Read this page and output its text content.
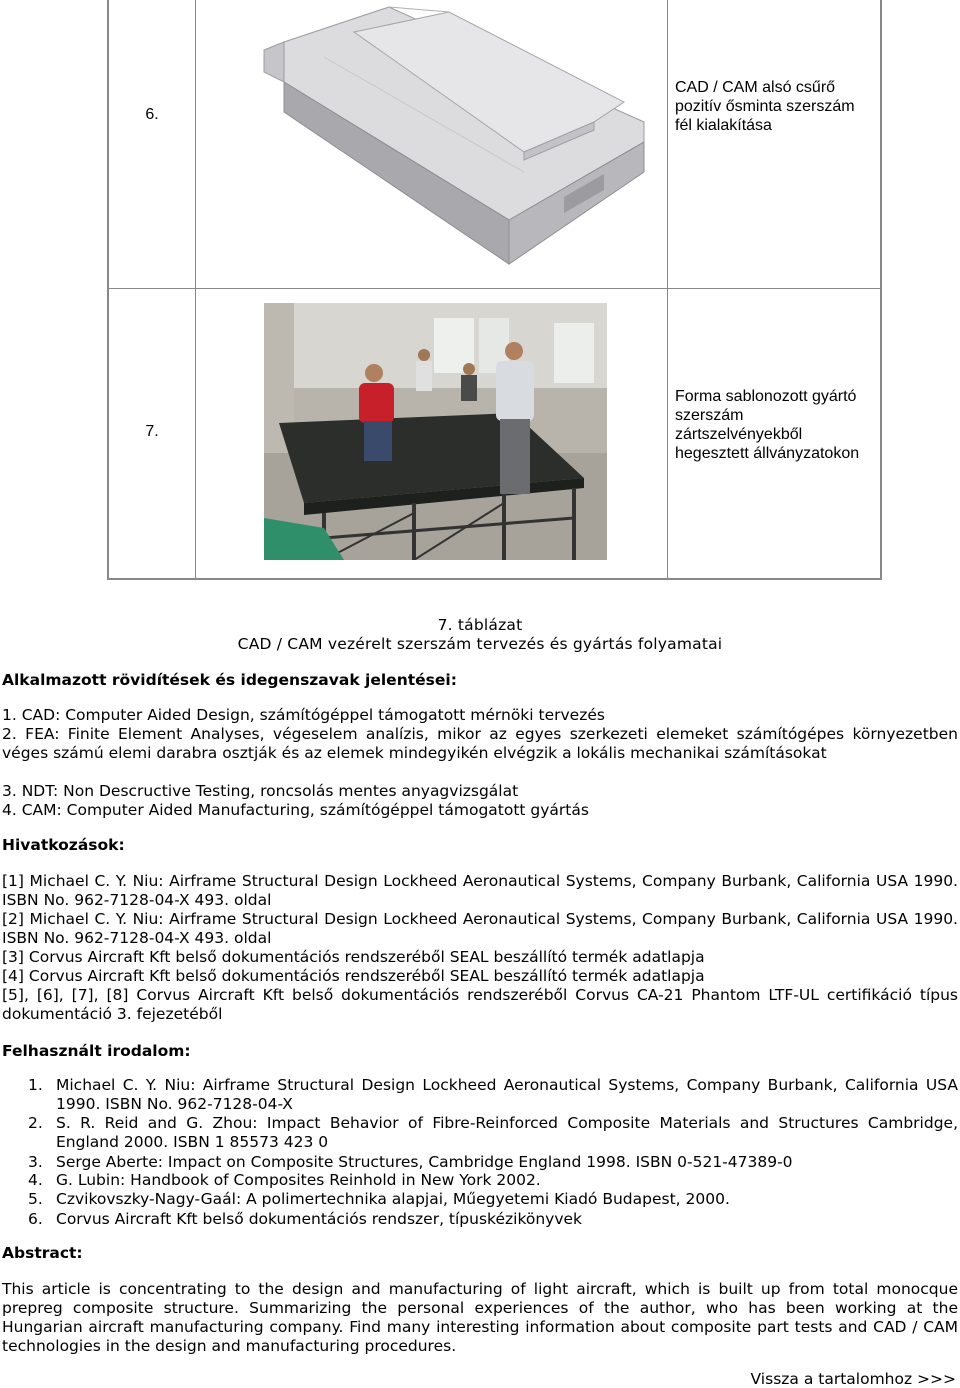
6.
CAD / CAM alsó csűrő pozitív ősminta szerszám fél kialakítása
7.
Forma sablonozott gyártó szerszám zártszelvényekből hegesztett állványzatokon
7. táblázat
CAD / CAM vezérelt szerszám tervezés és gyártás folyamatai
Alkalmazott rövidítések és idegenszavak jelentései:
1. CAD: Computer Aided Design, számítógéppel támogatott mérnöki tervezés
2. FEA: Finite Element Analyses, végeselem analízis, mikor az egyes szerkezeti elemeket számítógépes környezetben véges számú elemi darabra osztják és az elemek mindegyikén elvégzik a lokális mechanikai számításokat
3. NDT: Non Descructive Testing, roncsolás mentes anyagvizsgálat
4. CAM: Computer Aided Manufacturing, számítógéppel támogatott gyártás
Hivatkozások:
[1] Michael C. Y. Niu: Airframe Structural Design Lockheed Aeronautical Systems, Company Burbank, California USA 1990. ISBN No. 962-7128-04-X 493. oldal
[2] Michael C. Y. Niu: Airframe Structural Design Lockheed Aeronautical Systems, Company Burbank, California USA 1990. ISBN No. 962-7128-04-X 493. oldal
[3] Corvus Aircraft Kft belső dokumentációs rendszeréből SEAL beszállító termék adatlapja
[4] Corvus Aircraft Kft belső dokumentációs rendszeréből SEAL beszállító termék adatlapja
[5], [6], [7], [8] Corvus Aircraft Kft belső dokumentációs rendszeréből Corvus CA-21 Phantom LTF-UL certifikáció típus dokumentáció 3. fejezetéből
Felhasznált irodalom:
1. Michael C. Y. Niu: Airframe Structural Design Lockheed Aeronautical Systems, Company Burbank, California USA 1990. ISBN No. 962-7128-04-X
2. S. R. Reid and G. Zhou: Impact Behavior of Fibre-Reinforced Composite Materials and Structures Cambridge, England 2000. ISBN 1 85573 423 0
3. Serge Aberte: Impact on Composite Structures, Cambridge England 1998. ISBN 0-521-47389-0
4. G. Lubin: Handbook of Composites Reinhold in New York 2002.
5. Czvikovszky-Nagy-Gaál: A polimertechnika alapjai, Műegyetemi Kiadó Budapest, 2000.
6. Corvus Aircraft Kft belső dokumentációs rendszer, típuskézikönyvek
Abstract:
This article is concentrating to the design and manufacturing of light aircraft, which is built up from total monocque prepreg composite structure. Summarizing the personal experiences of the author, who has been working at the Hungarian aircraft manufacturing company. Find many interesting information about composite part tests and CAD / CAM technologies in the design and manufacturing procedures.
Vissza a tartalomhoz >>>
